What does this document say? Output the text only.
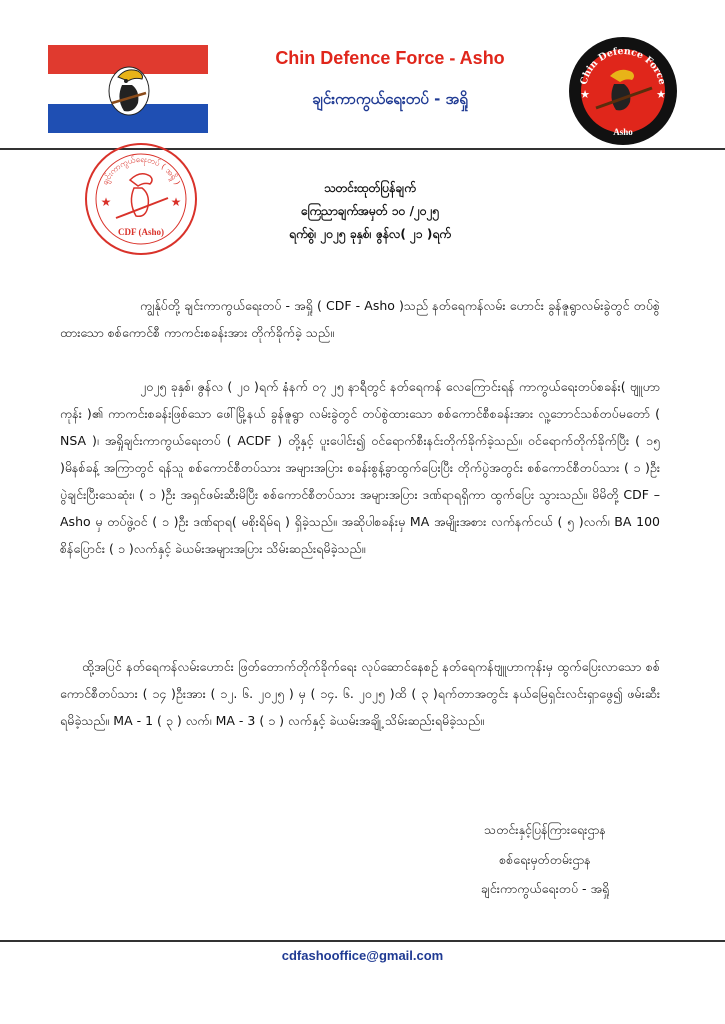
Chin Defence Force - Asho
ချင်းကာကွယ်ရေးတပ် - အရှို
Chin Defence Force
★	★
Asho
ချင်းကာကွယ်ရေးတပ် ( အရှို )
★	★
CDF (Asho)
သတင်းထုတ်ပြန်ချက်
ကြေညာချက်အမှတ် ၁၀ /၂၀၂၅
ရက်စွဲ၊ ၂၀၂၅ ခုနှစ်၊ ဇွန်လ( ၂၁ )ရက်
ကျွန်ုပ်တို့ ချင်းကာကွယ်ရေးတပ် - အရှို ( CDF - Asho )သည် နတ်ရေကန်လမ်း ဟောင်း ခွန်ဇူရွာလမ်းခွဲတွင် တပ်စွဲထားသော စစ်ကောင်စီ ကာကင်းစခန်းအား တိုက်ခိုက်ခဲ့ သည်။
၂၀၂၅ ခုနှစ်၊ ဇွန်လ ( ၂၀ )ရက် နံနက် ၀၇ ၂၅ နာရီတွင် နတ်ရေကန် လေကြောင်းရန် ကာကွယ်ရေးတပ်စခန်း( ဗျူဟာကုန်း )၏ ကာကင်းစခန်းဖြစ်သော ဖေါ်မြို့နယ် ခွန်ဇူရွာ လမ်းခွဲတွင် တပ်စွဲထားသော စစ်ကောင်စီစခန်းအား လူ့ဘောင်သစ်တပ်မတော် ( NSA )၊ အရှိုချင်းကာကွယ်ရေးတပ် ( ACDF ) တို့နှင့် ပူးပေါင်း၍ ဝင်ရောက်စီးနင်းတိုက်ခိုက်ခဲ့သည်။ ဝင်ရောက်တိုက်ခိုက်ပြီး ( ၁၅ )မိနစ်ခန့် အကြာတွင် ရန်သူ စစ်ကောင်စီတပ်သား အများအပြား စခန်းစွန့်ခွာထွက်ပြေးပြီး တိုက်ပွဲအတွင်း စစ်ကောင်စီတပ်သား ( ၁ )ဦး ပွဲချင်းပြီးသေဆုံး၊ ( ၁ )ဦး အရှင်ဖမ်းဆီးမိပြီး စစ်ကောင်စီတပ်သား အများအပြား ဒဏ်ရာရရှိကာ ထွက်ပြေး သွားသည်။ မိမိတို့ CDF – Asho မှ တပ်ဖွဲ့ဝင် ( ၁ )ဦး ဒဏ်ရာရ( မစိုးရိမ်ရ ) ရှိခဲ့သည်။ အဆိုပါစခန်းမှ MA အမျိုးအစား လက်နက်ငယ် ( ၅ )လက်၊ BA 100 စိန်ပြောင်း ( ၁ )လက်နှင့် ခဲယမ်းအများအပြား သိမ်းဆည်းရမိခဲ့သည်။
ထို့အပြင် နတ်ရေကန်လမ်းဟောင်း ဖြတ်တောက်တိုက်ခိုက်ရေး လုပ်ဆောင်နေစဉ် နတ်ရေကန်ဗျူဟာကုန်းမှ ထွက်ပြေးလာသော စစ်ကောင်စီတပ်သား ( ၁၄ )ဦးအား ( ၁၂. ၆. ၂၀၂၅ ) မှ ( ၁၄. ၆. ၂၀၂၅ )ထိ ( ၃ )ရက်တာအတွင်း နယ်မြေရှင်းလင်းရှာဖွေ၍ ဖမ်းဆီး ရမိခဲ့သည်။ MA - 1 ( ၃ ) လက်၊ MA - 3 ( ၁ ) လက်နှင့် ခဲယမ်းအချို့ သိမ်းဆည်းရမိခဲ့သည်။
သတင်းနှင့်ပြန်ကြားရေးဌာန
စစ်ရေးမှတ်တမ်းဌာန
ချင်းကာကွယ်ရေးတပ် - အရှို
cdfashooffice@gmail.com
